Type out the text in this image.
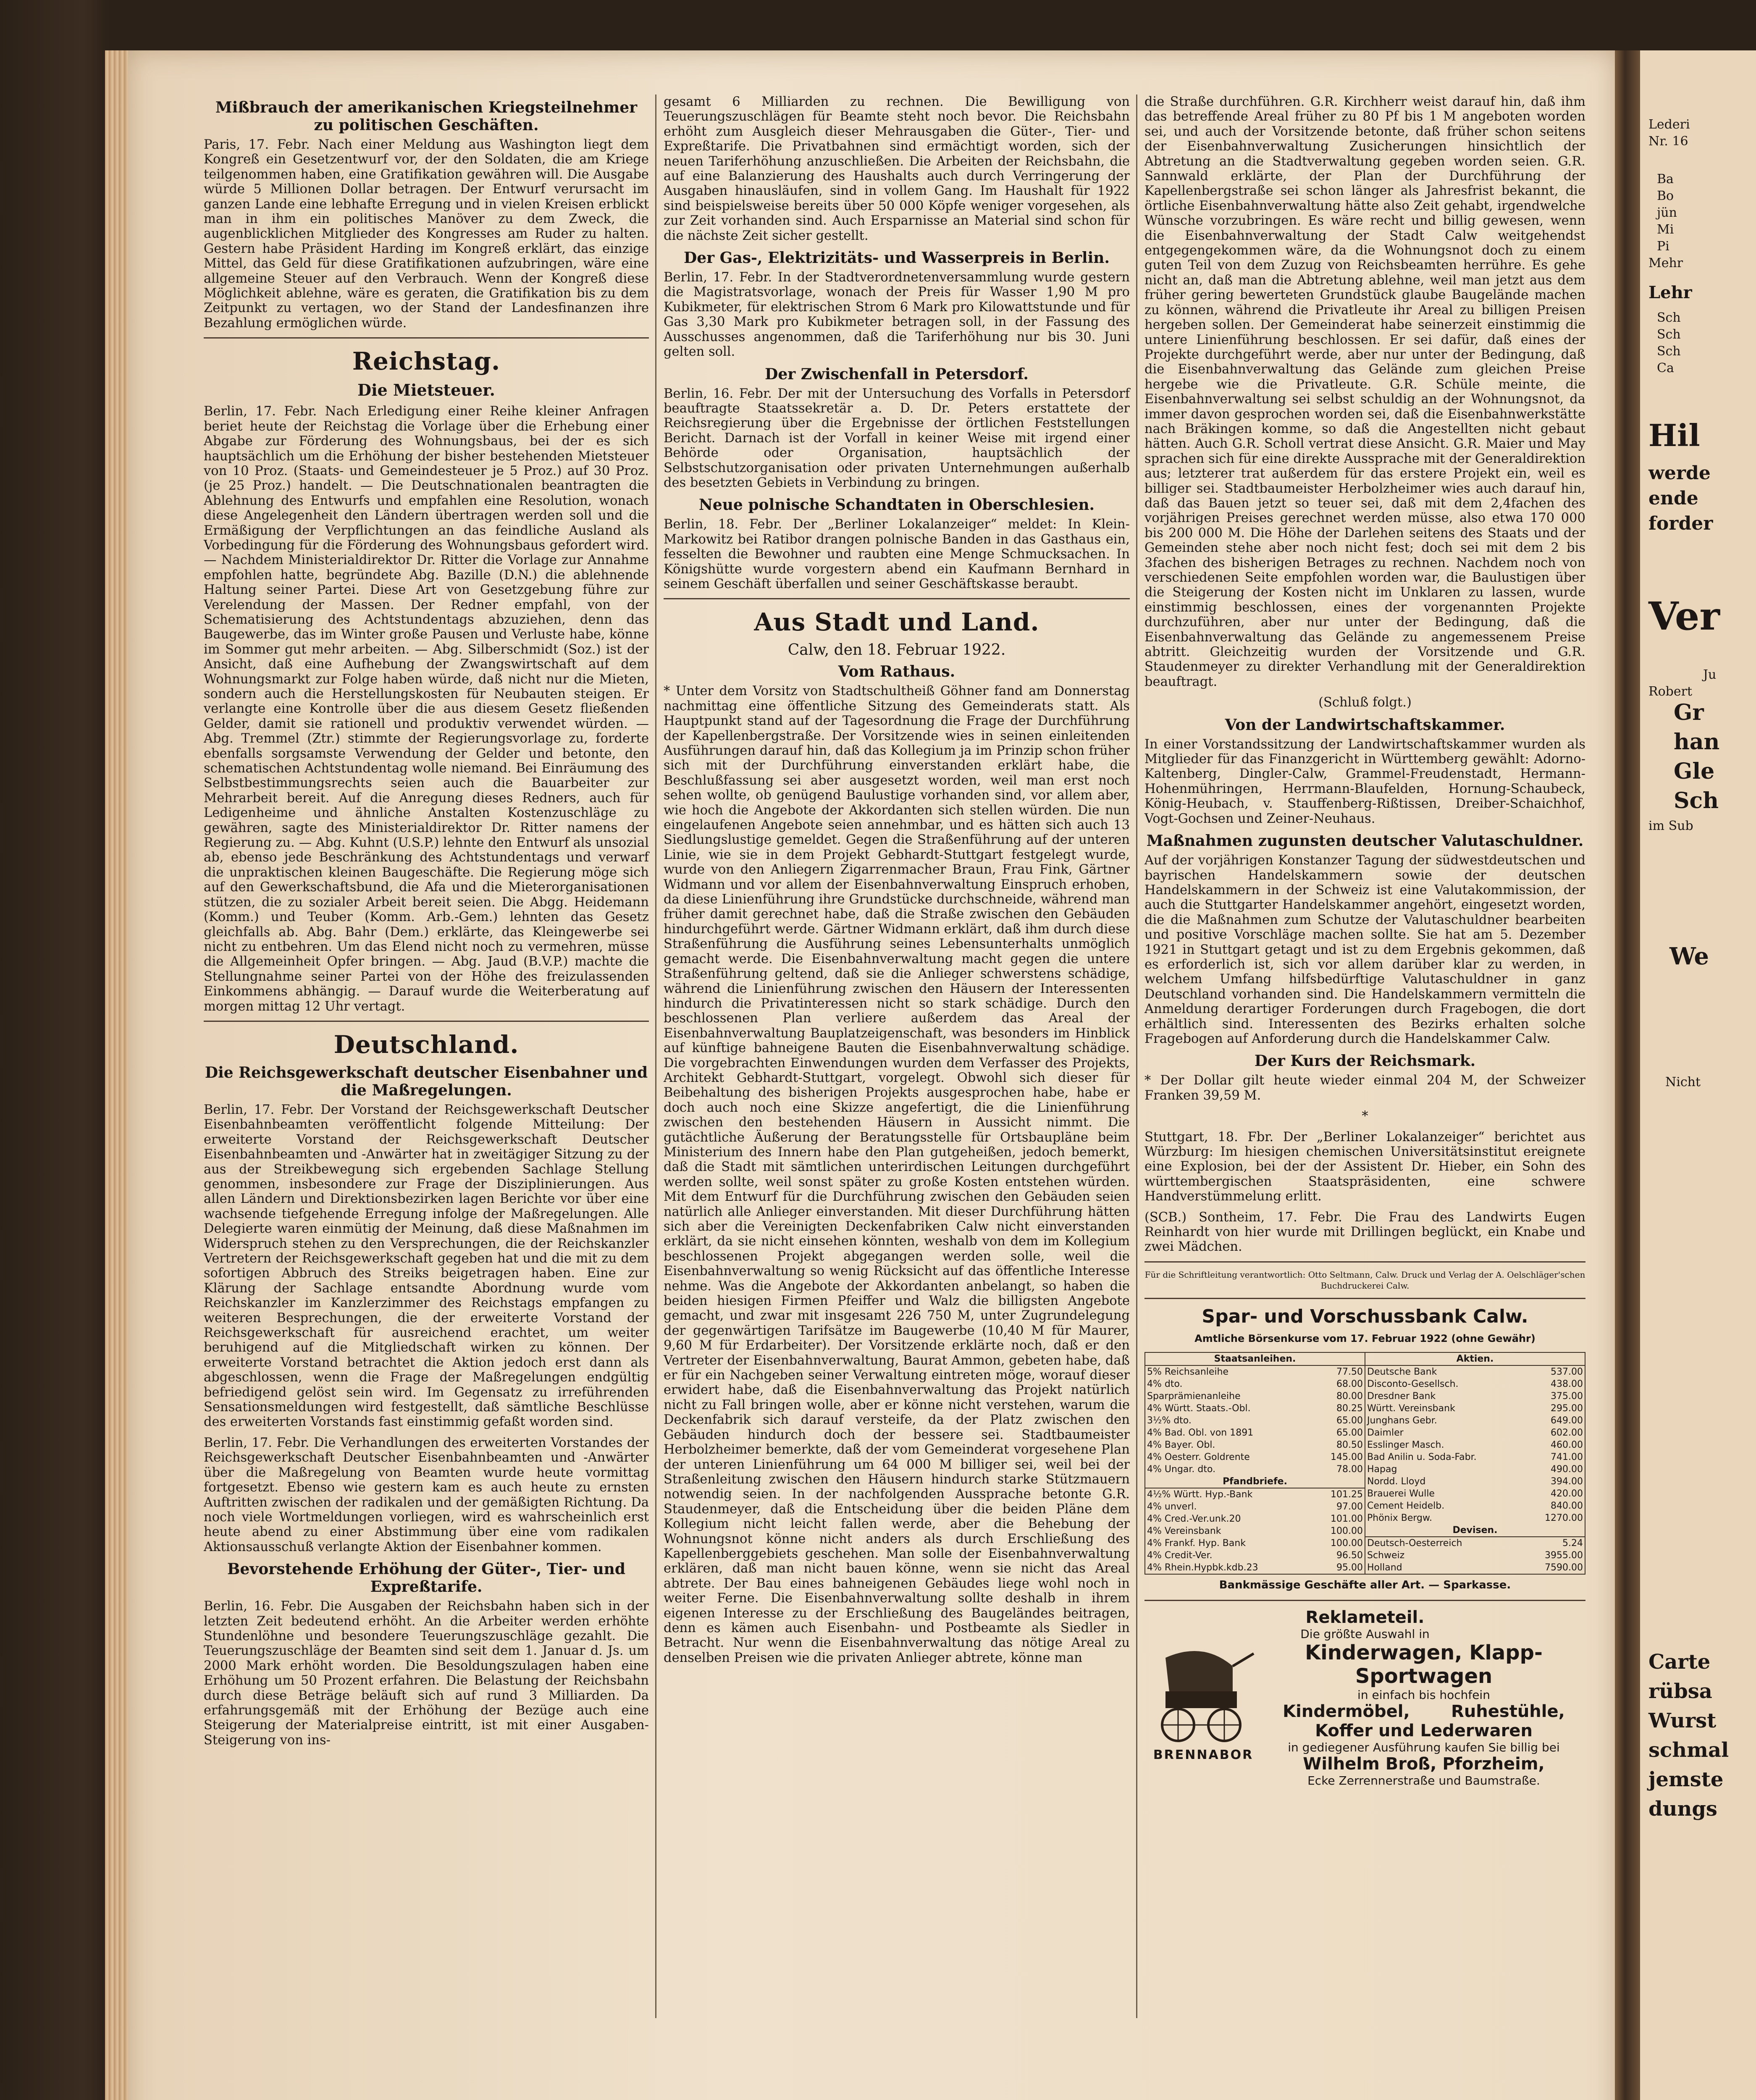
Lederi
Nr. 16
Ba
Bo
jün
Mi
Pi
Mehr
Lehr
Sch
Sch
Sch
Ca
Hil
werde
ende
forder
Ver
Ju
Robert
Gr
han
Gle
Sch
im Sub
We
Nicht
Carte
rübsa
Wurst
schmal
jemste
dungs
Mißbrauch der amerikanischen Kriegsteilnehmer zu politischen Geschäften.

Paris, 17. Febr. Nach einer Meldung aus Washington liegt dem Kongreß ein Gesetzentwurf vor, der den Soldaten, die am Kriege teilgenommen haben, eine Gratifikation gewähren will. Die Ausgabe würde 5 Millionen Dollar betragen. Der Entwurf verursacht im ganzen Lande eine lebhafte Erregung und in vielen Kreisen erblickt man in ihm ein politisches Manöver zu dem Zweck, die augenblicklichen Mitglieder des Kongresses am Ruder zu halten. Gestern habe Präsident Harding im Kongreß erklärt, das einzige Mittel, das Geld für diese Gratifikationen aufzubringen, wäre eine allgemeine Steuer auf den Verbrauch. Wenn der Kongreß diese Möglichkeit ablehne, wäre es geraten, die Gratifikation bis zu dem Zeitpunkt zu vertagen, wo der Stand der Landesfinanzen ihre Bezahlung ermöglichen würde.

Reichstag.
Die Mietsteuer.

Berlin, 17. Febr. Nach Erledigung einer Reihe kleiner Anfragen beriet heute der Reichstag die Vorlage über die Erhebung einer Abgabe zur Förderung des Wohnungsbaus, bei der es sich hauptsächlich um die Erhöhung der bisher bestehenden Mietsteuer von 10 Proz. (Staats- und Gemeindesteuer je 5 Proz.) auf 30 Proz. (je 25 Proz.) handelt. — Die Deutschnationalen beantragten die Ablehnung des Entwurfs und empfahlen eine Resolution, wonach diese Angelegenheit den Ländern übertragen werden soll und die Ermäßigung der Verpflichtungen an das feindliche Ausland als Vorbedingung für die Förderung des Wohnungsbaus gefordert wird. — Nachdem Ministerialdirektor Dr. Ritter die Vorlage zur Annahme empfohlen hatte, begründete Abg. Bazille (D.N.) die ablehnende Haltung seiner Partei. Diese Art von Gesetzgebung führe zur Verelendung der Massen. Der Redner empfahl, von der Schematisierung des Achtstundentags abzuziehen, denn das Baugewerbe, das im Winter große Pausen und Verluste habe, könne im Sommer gut mehr arbeiten. — Abg. Silberschmidt (Soz.) ist der Ansicht, daß eine Aufhebung der Zwangswirtschaft auf dem Wohnungsmarkt zur Folge haben würde, daß nicht nur die Mieten, sondern auch die Herstellungskosten für Neubauten steigen. Er verlangte eine Kontrolle über die aus diesem Gesetz fließenden Gelder, damit sie rationell und produktiv verwendet würden. — Abg. Tremmel (Ztr.) stimmte der Regierungsvorlage zu, forderte ebenfalls sorgsamste Verwendung der Gelder und betonte, den schematischen Achtstundentag wolle niemand. Bei Einräumung des Selbstbestimmungsrechts seien auch die Bauarbeiter zur Mehrarbeit bereit. Auf die Anregung dieses Redners, auch für Ledigenheime und ähnliche Anstalten Kostenzuschläge zu gewähren, sagte des Ministerialdirektor Dr. Ritter namens der Regierung zu. — Abg. Kuhnt (U.S.P.) lehnte den Entwurf als unsozial ab, ebenso jede Beschränkung des Achtstundentags und verwarf die unpraktischen kleinen Baugeschäfte. Die Regierung möge sich auf den Gewerkschaftsbund, die Afa und die Mieterorganisationen stützen, die zu sozialer Arbeit bereit seien. Die Abgg. Heidemann (Komm.) und Teuber (Komm. Arb.-Gem.) lehnten das Gesetz gleichfalls ab. Abg. Bahr (Dem.) erklärte, das Kleingewerbe sei nicht zu entbehren. Um das Elend nicht noch zu vermehren, müsse die Allgemeinheit Opfer bringen. — Abg. Jaud (B.V.P.) machte die Stellungnahme seiner Partei von der Höhe des freizulassenden Einkommens abhängig. — Darauf wurde die Weiterberatung auf morgen mittag 12 Uhr vertagt.

Deutschland.
Die Reichsgewerkschaft deutscher Eisenbahner und die Maßregelungen.

Berlin, 17. Febr. Der Vorstand der Reichsgewerkschaft Deutscher Eisenbahnbeamten veröffentlicht folgende Mitteilung: Der erweiterte Vorstand der Reichsgewerkschaft Deutscher Eisenbahnbeamten und -Anwärter hat in zweitägiger Sitzung zu der aus der Streikbewegung sich ergebenden Sachlage Stellung genommen, insbesondere zur Frage der Disziplinierungen. Aus allen Ländern und Direktionsbezirken lagen Berichte vor über eine wachsende tiefgehende Erregung infolge der Maßregelungen. Alle Delegierte waren einmütig der Meinung, daß diese Maßnahmen im Widerspruch stehen zu den Versprechungen, die der Reichskanzler Vertretern der Reichsgewerkschaft gegeben hat und die mit zu dem sofortigen Abbruch des Streiks beigetragen haben. Eine zur Klärung der Sachlage entsandte Abordnung wurde vom Reichskanzler im Kanzlerzimmer des Reichstags empfangen zu weiteren Besprechungen, die der erweiterte Vorstand der Reichsgewerkschaft für ausreichend erachtet, um weiter beruhigend auf die Mitgliedschaft wirken zu können. Der erweiterte Vorstand betrachtet die Aktion jedoch erst dann als abgeschlossen, wenn die Frage der Maßregelungen endgültig befriedigend gelöst sein wird. Im Gegensatz zu irreführenden Sensationsmeldungen wird festgestellt, daß sämtliche Beschlüsse des erweiterten Vorstands fast einstimmig gefaßt worden sind.

Berlin, 17. Febr. Die Verhandlungen des erweiterten Vorstandes der Reichsgewerkschaft Deutscher Eisenbahnbeamten und -Anwärter über die Maßregelung von Beamten wurde heute vormittag fortgesetzt. Ebenso wie gestern kam es auch heute zu ernsten Auftritten zwischen der radikalen und der gemäßigten Richtung. Da noch viele Wortmeldungen vorliegen, wird es wahrscheinlich erst heute abend zu einer Abstimmung über eine vom radikalen Aktionsausschuß verlangte Aktion der Eisenbahner kommen.

Bevorstehende Erhöhung der Güter-, Tier- und Expreßtarife.

Berlin, 16. Febr. Die Ausgaben der Reichsbahn haben sich in der letzten Zeit bedeutend erhöht. An die Arbeiter werden erhöhte Stundenlöhne und besondere Teuerungszuschläge gezahlt. Die Teuerungszuschläge der Beamten sind seit dem 1. Januar d. Js. um 2000 Mark erhöht worden. Die Besoldungszulagen haben eine Erhöhung um 50 Prozent erfahren. Die Belastung der Reichsbahn durch diese Beträge beläuft sich auf rund 3 Milliarden. Da erfahrungsgemäß mit der Erhöhung der Bezüge auch eine Steigerung der Materialpreise eintritt, ist mit einer Ausgaben-Steigerung von ins-

gesamt 6 Milliarden zu rechnen. Die Bewilligung von Teuerungszuschlägen für Beamte steht noch bevor. Die Reichsbahn erhöht zum Ausgleich dieser Mehrausgaben die Güter-, Tier- und Expreßtarife. Die Privatbahnen sind ermächtigt worden, sich der neuen Tariferhöhung anzuschließen. Die Arbeiten der Reichsbahn, die auf eine Balanzierung des Haushalts auch durch Verringerung der Ausgaben hinausläufen, sind in vollem Gang. Im Haushalt für 1922 sind beispielsweise bereits über 50 000 Köpfe weniger vorgesehen, als zur Zeit vorhanden sind. Auch Ersparnisse an Material sind schon für die nächste Zeit sicher gestellt.

Der Gas-, Elektrizitäts- und Wasserpreis in Berlin.

Berlin, 17. Febr. In der Stadtverordnetenversammlung wurde gestern die Magistratsvorlage, wonach der Preis für Wasser 1,90 M pro Kubikmeter, für elektrischen Strom 6 Mark pro Kilowattstunde und für Gas 3,30 Mark pro Kubikmeter betragen soll, in der Fassung des Ausschusses angenommen, daß die Tariferhöhung nur bis 30. Juni gelten soll.

Der Zwischenfall in Petersdorf.

Berlin, 16. Febr. Der mit der Untersuchung des Vorfalls in Petersdorf beauftragte Staatssekretär a. D. Dr. Peters erstattete der Reichsregierung über die Ergebnisse der örtlichen Feststellungen Bericht. Darnach ist der Vorfall in keiner Weise mit irgend einer Behörde oder Organisation, hauptsächlich der Selbstschutzorganisation oder privaten Unternehmungen außerhalb des besetzten Gebiets in Verbindung zu bringen.

Neue polnische Schandtaten in Oberschlesien.

Berlin, 18. Febr. Der „Berliner Lokalanzeiger“ meldet: In Klein-Markowitz bei Ratibor drangen polnische Banden in das Gasthaus ein, fesselten die Bewohner und raubten eine Menge Schmucksachen. In Königshütte wurde vorgestern abend ein Kaufmann Bernhard in seinem Geschäft überfallen und seiner Geschäftskasse beraubt.

Aus Stadt und Land.
Calw, den 18. Februar 1922.
Vom Rathaus.

* Unter dem Vorsitz von Stadtschultheiß Göhner fand am Donnerstag nachmittag eine öffentliche Sitzung des Gemeinderats statt. Als Hauptpunkt stand auf der Tagesordnung die Frage der Durchführung der Kapellenbergstraße. Der Vorsitzende wies in seinen einleitenden Ausführungen darauf hin, daß das Kollegium ja im Prinzip schon früher sich mit der Durchführung einverstanden erklärt habe, die Beschlußfassung sei aber ausgesetzt worden, weil man erst noch sehen wollte, ob genügend Baulustige vorhanden sind, vor allem aber, wie hoch die Angebote der Akkordanten sich stellen würden. Die nun eingelaufenen Angebote seien annehmbar, und es hätten sich auch 13 Siedlungslustige gemeldet. Gegen die Straßenführung auf der unteren Linie, wie sie in dem Projekt Gebhardt-Stuttgart festgelegt wurde, wurde von den Anliegern Zigarrenmacher Braun, Frau Fink, Gärtner Widmann und vor allem der Eisenbahnverwaltung Einspruch erhoben, da diese Linienführung ihre Grundstücke durchschneide, während man früher damit gerechnet habe, daß die Straße zwischen den Gebäuden hindurchgeführt werde. Gärtner Widmann erklärt, daß ihm durch diese Straßenführung die Ausführung seines Lebensunterhalts unmöglich gemacht werde. Die Eisenbahnverwaltung macht gegen die untere Straßenführung geltend, daß sie die Anlieger schwerstens schädige, während die Linienführung zwischen den Häusern der Interessenten hindurch die Privatinteressen nicht so stark schädige. Durch den beschlossenen Plan verliere außerdem das Areal der Eisenbahnverwaltung Bauplatzeigenschaft, was besonders im Hinblick auf künftige bahneigene Bauten die Eisenbahnverwaltung schädige. Die vorgebrachten Einwendungen wurden dem Verfasser des Projekts, Architekt Gebhardt-Stuttgart, vorgelegt. Obwohl sich dieser für Beibehaltung des bisherigen Projekts ausgesprochen habe, habe er doch auch noch eine Skizze angefertigt, die die Linienführung zwischen den bestehenden Häusern in Aussicht nimmt. Die gutächtliche Äußerung der Beratungsstelle für Ortsbaupläne beim Ministerium des Innern habe den Plan gutgeheißen, jedoch bemerkt, daß die Stadt mit sämtlichen unterirdischen Leitungen durchgeführt werden sollte, weil sonst später zu große Kosten entstehen würden. Mit dem Entwurf für die Durchführung zwischen den Gebäuden seien natürlich alle Anlieger einverstanden. Mit dieser Durchführung hätten sich aber die Vereinigten Deckenfabriken Calw nicht einverstanden erklärt, da sie nicht einsehen könnten, weshalb von dem im Kollegium beschlossenen Projekt abgegangen werden solle, weil die Eisenbahnverwaltung so wenig Rücksicht auf das öffentliche Interesse nehme. Was die Angebote der Akkordanten anbelangt, so haben die beiden hiesigen Firmen Pfeiffer und Walz die billigsten Angebote gemacht, und zwar mit insgesamt 226 750 M, unter Zugrundelegung der gegenwärtigen Tarifsätze im Baugewerbe (10,40 M für Maurer, 9,60 M für Erdarbeiter). Der Vorsitzende erklärte noch, daß er den Vertreter der Eisenbahnverwaltung, Baurat Ammon, gebeten habe, daß er für ein Nachgeben seiner Verwaltung eintreten möge, worauf dieser erwidert habe, daß die Eisenbahnverwaltung das Projekt natürlich nicht zu Fall bringen wolle, aber er könne nicht verstehen, warum die Deckenfabrik sich darauf versteife, da der Platz zwischen den Gebäuden hindurch doch der bessere sei. Stadtbaumeister Herbolzheimer bemerkte, daß der vom Gemeinderat vorgesehene Plan der unteren Linienführung um 64 000 M billiger sei, weil bei der Straßenleitung zwischen den Häusern hindurch starke Stützmauern notwendig seien. In der nachfolgenden Aussprache betonte G.R. Staudenmeyer, daß die Entscheidung über die beiden Pläne dem Kollegium nicht leicht fallen werde, aber die Behebung der Wohnungsnot könne nicht anders als durch Erschließung des Kapellenberggebiets geschehen. Man solle der Eisenbahnverwaltung erklären, daß man nicht bauen könne, wenn sie nicht das Areal abtrete. Der Bau eines bahneigenen Gebäudes liege wohl noch in weiter Ferne. Die Eisenbahnverwaltung sollte deshalb in ihrem eigenen Interesse zu der Erschließung des Baugeländes beitragen, denn es kämen auch Eisenbahn- und Postbeamte als Siedler in Betracht. Nur wenn die Eisenbahnverwaltung das nötige Areal zu denselben Preisen wie die privaten Anlieger abtrete, könne man

die Straße durchführen. G.R. Kirchherr weist darauf hin, daß ihm das betreffende Areal früher zu 80 Pf bis 1 M angeboten worden sei, und auch der Vorsitzende betonte, daß früher schon seitens der Eisenbahnverwaltung Zusicherungen hinsichtlich der Abtretung an die Stadtverwaltung gegeben worden seien. G.R. Sannwald erklärte, der Plan der Durchführung der Kapellenbergstraße sei schon länger als Jahresfrist bekannt, die örtliche Eisenbahnverwaltung hätte also Zeit gehabt, irgendwelche Wünsche vorzubringen. Es wäre recht und billig gewesen, wenn die Eisenbahnverwaltung der Stadt Calw weitgehendst entgegengekommen wäre, da die Wohnungsnot doch zu einem guten Teil von dem Zuzug von Reichsbeamten herrühre. Es gehe nicht an, daß man die Abtretung ablehne, weil man jetzt aus dem früher gering bewerteten Grundstück glaube Baugelände machen zu können, während die Privatleute ihr Areal zu billigen Preisen hergeben sollen. Der Gemeinderat habe seinerzeit einstimmig die untere Linienführung beschlossen. Er sei dafür, daß eines der Projekte durchgeführt werde, aber nur unter der Bedingung, daß die Eisenbahnverwaltung das Gelände zum gleichen Preise hergebe wie die Privatleute. G.R. Schüle meinte, die Eisenbahnverwaltung sei selbst schuldig an der Wohnungsnot, da immer davon gesprochen worden sei, daß die Eisenbahnwerkstätte nach Bräkingen komme, so daß die Angestellten nicht gebaut hätten. Auch G.R. Scholl vertrat diese Ansicht. G.R. Maier und May sprachen sich für eine direkte Aussprache mit der Generaldirektion aus; letzterer trat außerdem für das erstere Projekt ein, weil es billiger sei. Stadtbaumeister Herbolzheimer wies auch darauf hin, daß das Bauen jetzt so teuer sei, daß mit dem 2,4fachen des vorjährigen Preises gerechnet werden müsse, also etwa 170 000 bis 200 000 M. Die Höhe der Darlehen seitens des Staats und der Gemeinden stehe aber noch nicht fest; doch sei mit dem 2 bis 3fachen des bisherigen Betrages zu rechnen. Nachdem noch von verschiedenen Seite empfohlen worden war, die Baulustigen über die Steigerung der Kosten nicht im Unklaren zu lassen, wurde einstimmig beschlossen, eines der vorgenannten Projekte durchzuführen, aber nur unter der Bedingung, daß die Eisenbahnverwaltung das Gelände zu angemessenem Preise abtritt. Gleichzeitig wurden der Vorsitzende und G.R. Staudenmeyer zu direkter Verhandlung mit der Generaldirektion beauftragt.

(Schluß folgt.)

Von der Landwirtschaftskammer.

In einer Vorstandssitzung der Landwirtschaftskammer wurden als Mitglieder für das Finanzgericht in Württemberg gewählt: Adorno-Kaltenberg, Dingler-Calw, Grammel-Freudenstadt, Hermann-Hohenmühringen, Herrmann-Blaufelden, Hornung-Schaubeck, König-Heubach, v. Stauffenberg-Rißtissen, Dreiber-Schaichhof, Vogt-Gochsen und Zeiner-Neuhaus.

Maßnahmen zugunsten deutscher Valutaschuldner.

Auf der vorjährigen Konstanzer Tagung der südwestdeutschen und bayrischen Handelskammern sowie der deutschen Handelskammern in der Schweiz ist eine Valutakommission, der auch die Stuttgarter Handelskammer angehört, eingesetzt worden, die die Maßnahmen zum Schutze der Valutaschuldner bearbeiten und positive Vorschläge machen sollte. Sie hat am 5. Dezember 1921 in Stuttgart getagt und ist zu dem Ergebnis gekommen, daß es erforderlich ist, sich vor allem darüber klar zu werden, in welchem Umfang hilfsbedürftige Valutaschuldner in ganz Deutschland vorhanden sind. Die Handelskammern vermitteln die Anmeldung derartiger Forderungen durch Fragebogen, die dort erhältlich sind. Interessenten des Bezirks erhalten solche Fragebogen auf Anforderung durch die Handelskammer Calw.

Der Kurs der Reichsmark.

* Der Dollar gilt heute wieder einmal 204 M, der Schweizer Franken 39,59 M.

*

Stuttgart, 18. Fbr. Der „Berliner Lokalanzeiger“ berichtet aus Würzburg: Im hiesigen chemischen Universitätsinstitut ereignete eine Explosion, bei der der Assistent Dr. Hieber, ein Sohn des württembergischen Staatspräsidenten, eine schwere Handverstümmelung erlitt.

(SCB.) Sontheim, 17. Febr. Die Frau des Landwirts Eugen Reinhardt von hier wurde mit Drillingen beglückt, ein Knabe und zwei Mädchen.

Für die Schriftleitung verantwortlich: Otto Seltmann, Calw. Druck und Verlag der A. Oelschläger'schen Buchdruckerei Calw.

Spar- und Vorschussbank Calw.

Amtliche Börsenkurse vom 17. Februar 1922 (ohne Gewähr)

Staatsanleihen.	
5% Reichsanleihe	77.50
4% dto.	68.00
Sparprämienanleihe	80.00
4% Württ. Staats.-Obl.	80.25
3½% dto.	65.00
4% Bad. Obl. von 1891	65.00
4% Bayer. Obl.	80.50
4% Oesterr. Goldrente	145.00
4% Ungar. dto.	78.00
Pfandbriefe.	
4½% Württ. Hyp.-Bank	101.25
4% unverl.	97.00
4% Cred.-Ver.unk.20	101.00
4% Vereinsbank	100.00
4% Frankf. Hyp. Bank	100.00
4% Credit-Ver.	96.50
4% Rhein.Hypbk.kdb.23	95.00
Aktien.	
Deutsche Bank	537.00
Disconto-Gesellsch.	438.00
Dresdner Bank	375.00
Württ. Vereinsbank	295.00
Junghans Gebr.	649.00
Daimler	602.00
Esslinger Masch.	460.00
Bad Anilin u. Soda-Fabr.	741.00
Hapag	490.00
Nordd. Lloyd	394.00
Brauerei Wulle	420.00
Cement Heidelb.	840.00
Phönix Bergw.	1270.00
Devisen.	
Deutsch-Oesterreich	5.24
Schweiz	3955.00
Holland	7590.00

Bankmässige Geschäfte aller Art. — Sparkasse.

Reklameteil.
Die größte Auswahl in
BRENNABOR
Kinderwagen, Klapp-Sportwagen
in einfach bis hochfein
Kindermöbel, Ruhestühle,
Koffer und Lederwaren
in gediegener Ausführung kaufen Sie billig bei
Wilhelm Broß, Pforzheim,
Ecke Zerrennerstraße und Baumstraße.
